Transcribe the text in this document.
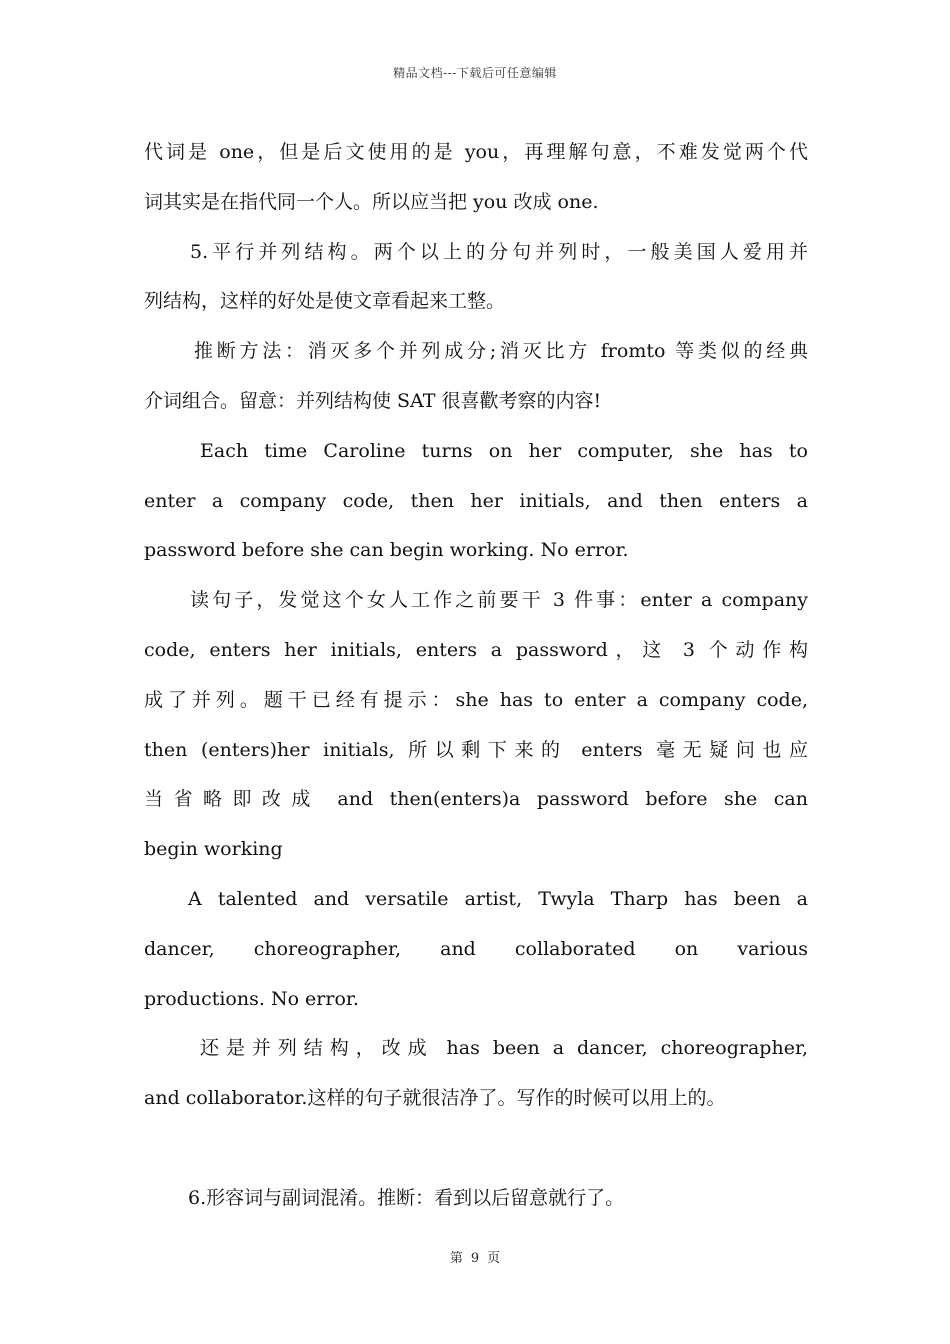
精品文档---下载后可任意编辑
代词是 one，但是后文使用的是 you，再理解句意，不难发觉两个代
词其实是在指代同一个人。所以应当把 you 改成 one.
5.平行并列结构。两个以上的分句并列时，一般美国人爱用并
列结构，这样的好处是使文章看起来工整。
推断方法：消灭多个并列成分;消灭比方 fromto 等类似的经典
介词组合。留意：并列结构使 SAT 很喜歡考察的内容!
Each time Caroline turns on her computer, she has to
enter a company code, then her initials, and then enters a
password before she can begin working. No error.
读句子，发觉这个女人工作之前要干 3 件事：enter a company
code, enters her initials, enters a password，这 3 个动作构
成了并列。题干已经有提示：she has to enter a company code,
then (enters)her initials, 所以剩下来的 enters 毫无疑问也应
当省略即改成 and then(enters)a password before she can
begin working
A talented and versatile artist, Twyla Tharp has been a
dancer, choreographer, and collaborated on various
productions. No error.
还是并列结构，改成 has been a dancer, choreographer,
and collaborator.这样的句子就很洁净了。写作的时候可以用上的。
6.形容词与副词混淆。推断：看到以后留意就行了。
第 9 页
